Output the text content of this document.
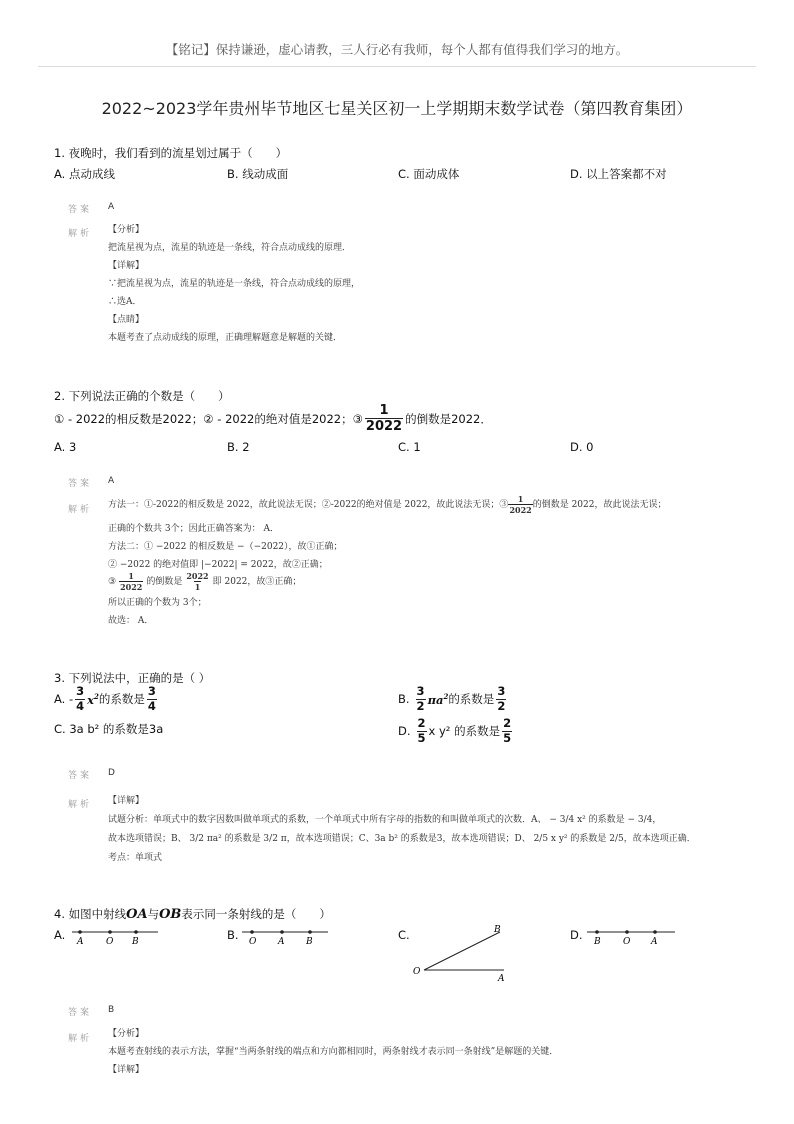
【铭记】保持谦逊，虚心请教，三人行必有我师，每个人都有值得我们学习的地方。
2022~2023学年贵州毕节地区七星关区初一上学期期末数学试卷（第四教育集团）
1. 夜晚时，我们看到的流星划过属于（　　）
A. 点动成线	B. 线动成面	C. 面动成体	D. 以上答案都不对
答案 A
解析 【分析】
把流星视为点，流星的轨迹是一条线，符合点动成线的原理．
【详解】
∵把流星视为点，流星的轨迹是一条线，符合点动成线的原理，
∴选A．
【点睛】
本题考查了点动成线的原理，正确理解题意是解题的关键．
2. 下列说法正确的个数是（　　）
① - 2022的相反数是2022；② - 2022的绝对值是2022；③ $\frac{1}{2022}$ 的倒数是2022．
A. 3	B. 2	C. 1	D. 0
答案 A
解析
方法一：①-2022的相反数是 2022，故此说法无误；②-2022的绝对值是 2022，故此说法无误；③ $\frac{1}{2022}$ 的倒数是 2022，故此说法无误；
正确的个数共 3个；因此正确答案为： A．
方法二：① −2022 的相反数是 −（−2022），故①正确；
② −2022 的绝对值即 |−2022| = 2022，故②正确；
③ $\frac{1}{2022}$ 的倒数是 $\frac{2022}{1}$ 即 2022，故③正确；
所以正确的个数为 3个；
故选： A．
3. 下列说法中，正确的是（ ）
A. - $\frac{3}{4} x^2$ 的系数是 $\frac{3}{4}$	B. $\frac{3}{2} \pi a^2$ 的系数是 $\frac{3}{2}$
C. 3a b² 的系数是3a	D. $\frac{2}{5}$ x y² 的系数是 $\frac{2}{5}$
答案 D
解析 【详解】
试题分析：单项式中的数字因数叫做单项式的系数，一个单项式中所有字母的指数的和叫做单项式的次数．A、 − 3/4 x² 的系数是 − 3/4，
故本选项错误；B、 3/2 πa² 的系数是 3/2 π，故本选项错误；C、3a b² 的系数是3，故本选项错误；D、 2/5 x y² 的系数是 2/5，故本选项正确．
考点：单项式
4. 如图中射线 OA 与 OB 表示同一条射线的是（　　）
A. A	O B	B. O A B	C.	B
O
A
D. B O A
答案 B
解析 【分析】
本题考查射线的表示方法，掌握“当两条射线的端点和方向都相同时，两条射线才表示同一条射线”是解题的关键．
【详解】
